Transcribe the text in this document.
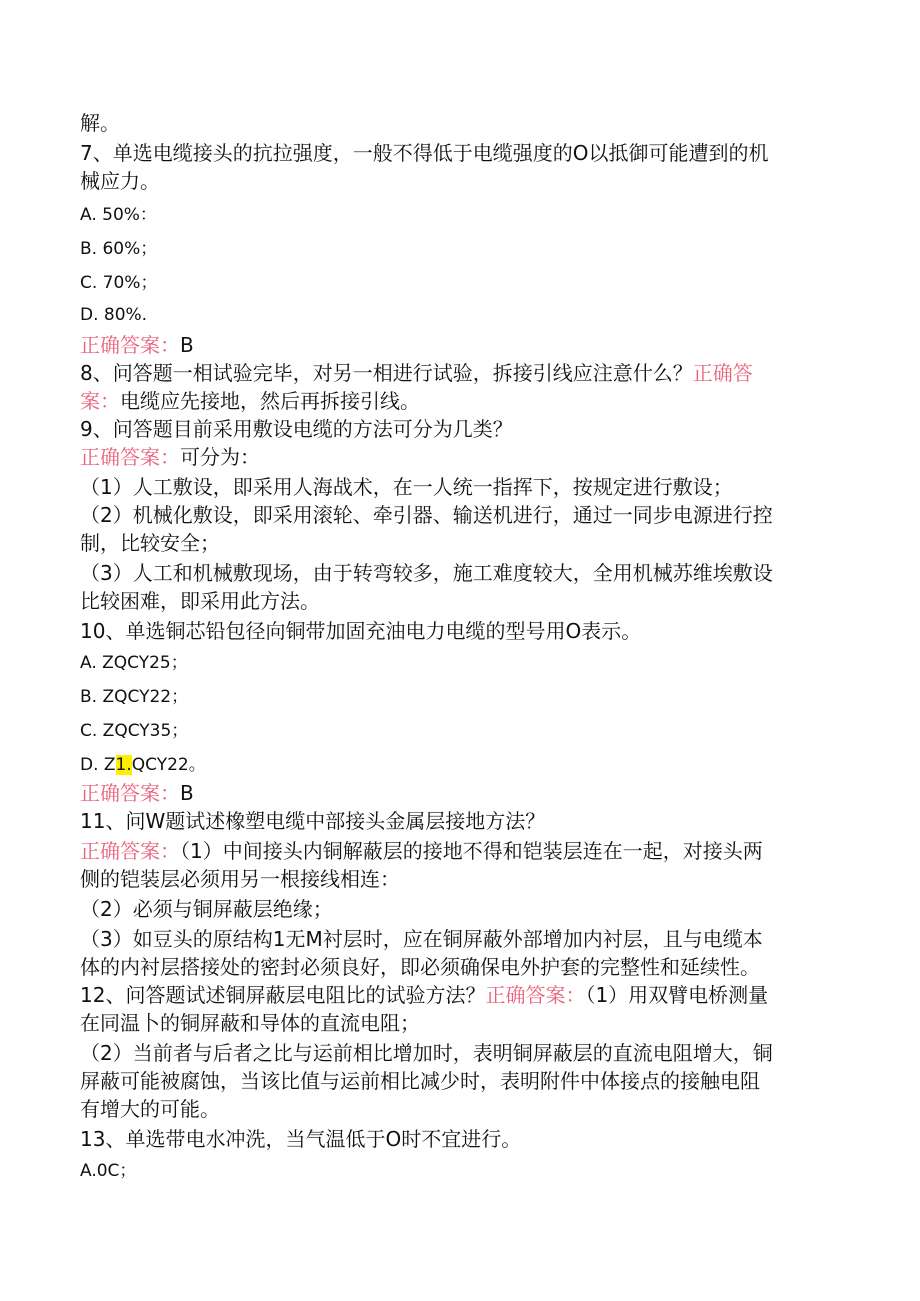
解。
7、单选电缆接头的抗拉强度，一般不得低于电缆强度的O以抵御可能遭到的机
械应力。
A. 50%：
B. 60%；
C. 70%；
D. 80%.
正确答案：B
8、问答题一相试验完毕，对另一相进行试验，拆接引线应注意什么？正确答
案：电缆应先接地，然后再拆接引线。
9、问答题目前采用敷设电缆的方法可分为几类？
正确答案：可分为：
（1）人工敷设，即采用人海战术，在一人统一指挥下，按规定进行敷设；
（2）机械化敷设，即采用滚轮、牵引器、输送机进行，通过一同步电源进行控
制，比较安全；
（3）人工和机械敷现场，由于转弯较多，施工难度较大，全用机械苏维埃敷设
比较困难，即采用此方法。
10、单选铜芯铅包径向铜带加固充油电力电缆的型号用O表示。
A. ZQCY25；
B. ZQCY22；
C. ZQCY35；
D. Z1.QCY22。
正确答案：B
11、问W题试述橡塑电缆中部接头金属层接地方法？
正确答案：（1）中间接头内铜解蔽层的接地不得和铠装层连在一起，对接头两
侧的铠装层必须用另一根接线相连：
（2）必须与铜屏蔽层绝缘；
（3）如豆头的原结构1无M衬层时，应在铜屏蔽外部增加内衬层，且与电缆本
体的内衬层搭接处的密封必须良好，即必须确保电外护套的完整性和延续性。
12、问答题试述铜屏蔽层电阻比的试验方法？正确答案：（1）用双臂电桥测量
在同温卜的铜屏蔽和导体的直流电阻；
（2）当前者与后者之比与运前相比增加时，表明铜屏蔽层的直流电阻增大，铜
屏蔽可能被腐蚀，当该比值与运前相比减少时，表明附件中体接点的接触电阻
有增大的可能。
13、单选带电水冲洗，当气温低于O时不宜进行。
A.0C；
